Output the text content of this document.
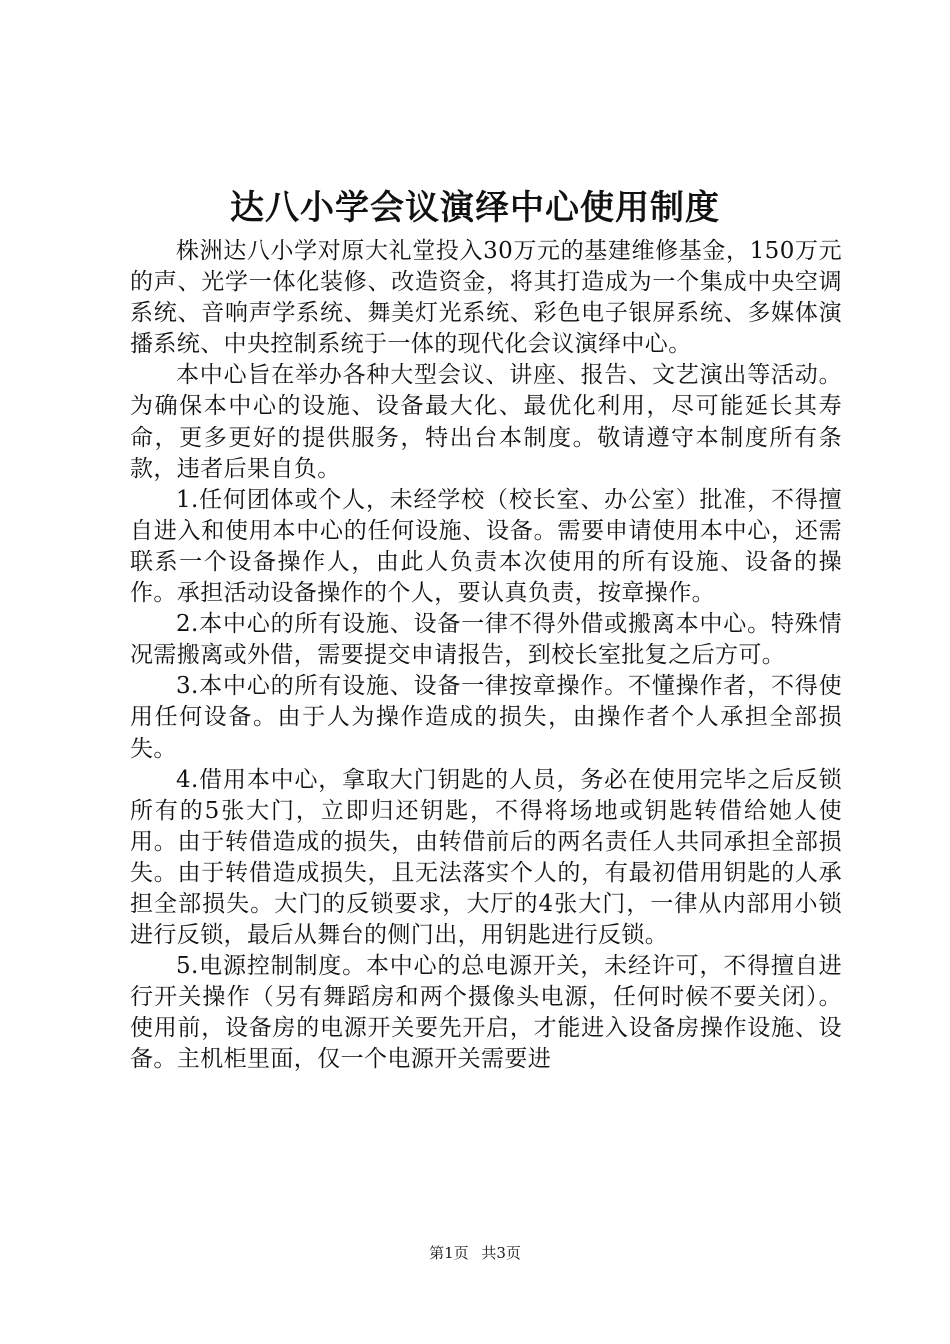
达八小学会议演绎中心使用制度

株洲达八小学对原大礼堂投入30万元的基建维修基金，150万元的声、光学一体化装修、改造资金，将其打造成为一个集成中央空调系统、音响声学系统、舞美灯光系统、彩色电子银屏系统、多媒体演播系统、中央控制系统于一体的现代化会议演绎中心。

本中心旨在举办各种大型会议、讲座、报告、文艺演出等活动。为确保本中心的设施、设备最大化、最优化利用，尽可能延长其寿命，更多更好的提供服务，特出台本制度。敬请遵守本制度所有条款，违者后果自负。

1.任何团体或个人，未经学校（校长室、办公室）批准，不得擅自进入和使用本中心的任何设施、设备。需要申请使用本中心，还需联系一个设备操作人，由此人负责本次使用的所有设施、设备的操作。承担活动设备操作的个人，要认真负责，按章操作。

2.本中心的所有设施、设备一律不得外借或搬离本中心。特殊情况需搬离或外借，需要提交申请报告，到校长室批复之后方可。

3.本中心的所有设施、设备一律按章操作。不懂操作者，不得使用任何设备。由于人为操作造成的损失，由操作者个人承担全部损失。

4.借用本中心，拿取大门钥匙的人员，务必在使用完毕之后反锁所有的5张大门，立即归还钥匙，不得将场地或钥匙转借给她人使用。由于转借造成的损失，由转借前后的两名责任人共同承担全部损失。由于转借造成损失，且无法落实个人的，有最初借用钥匙的人承担全部损失。大门的反锁要求，大厅的4张大门，一律从内部用小锁进行反锁，最后从舞台的侧门出，用钥匙进行反锁。

5.电源控制制度。本中心的总电源开关，未经许可，不得擅自进行开关操作（另有舞蹈房和两个摄像头电源，任何时候不要关闭）。使用前，设备房的电源开关要先开启，才能进入设备房操作设施、设备。主机柜里面，仅一个电源开关需要进

第1页 共3页
